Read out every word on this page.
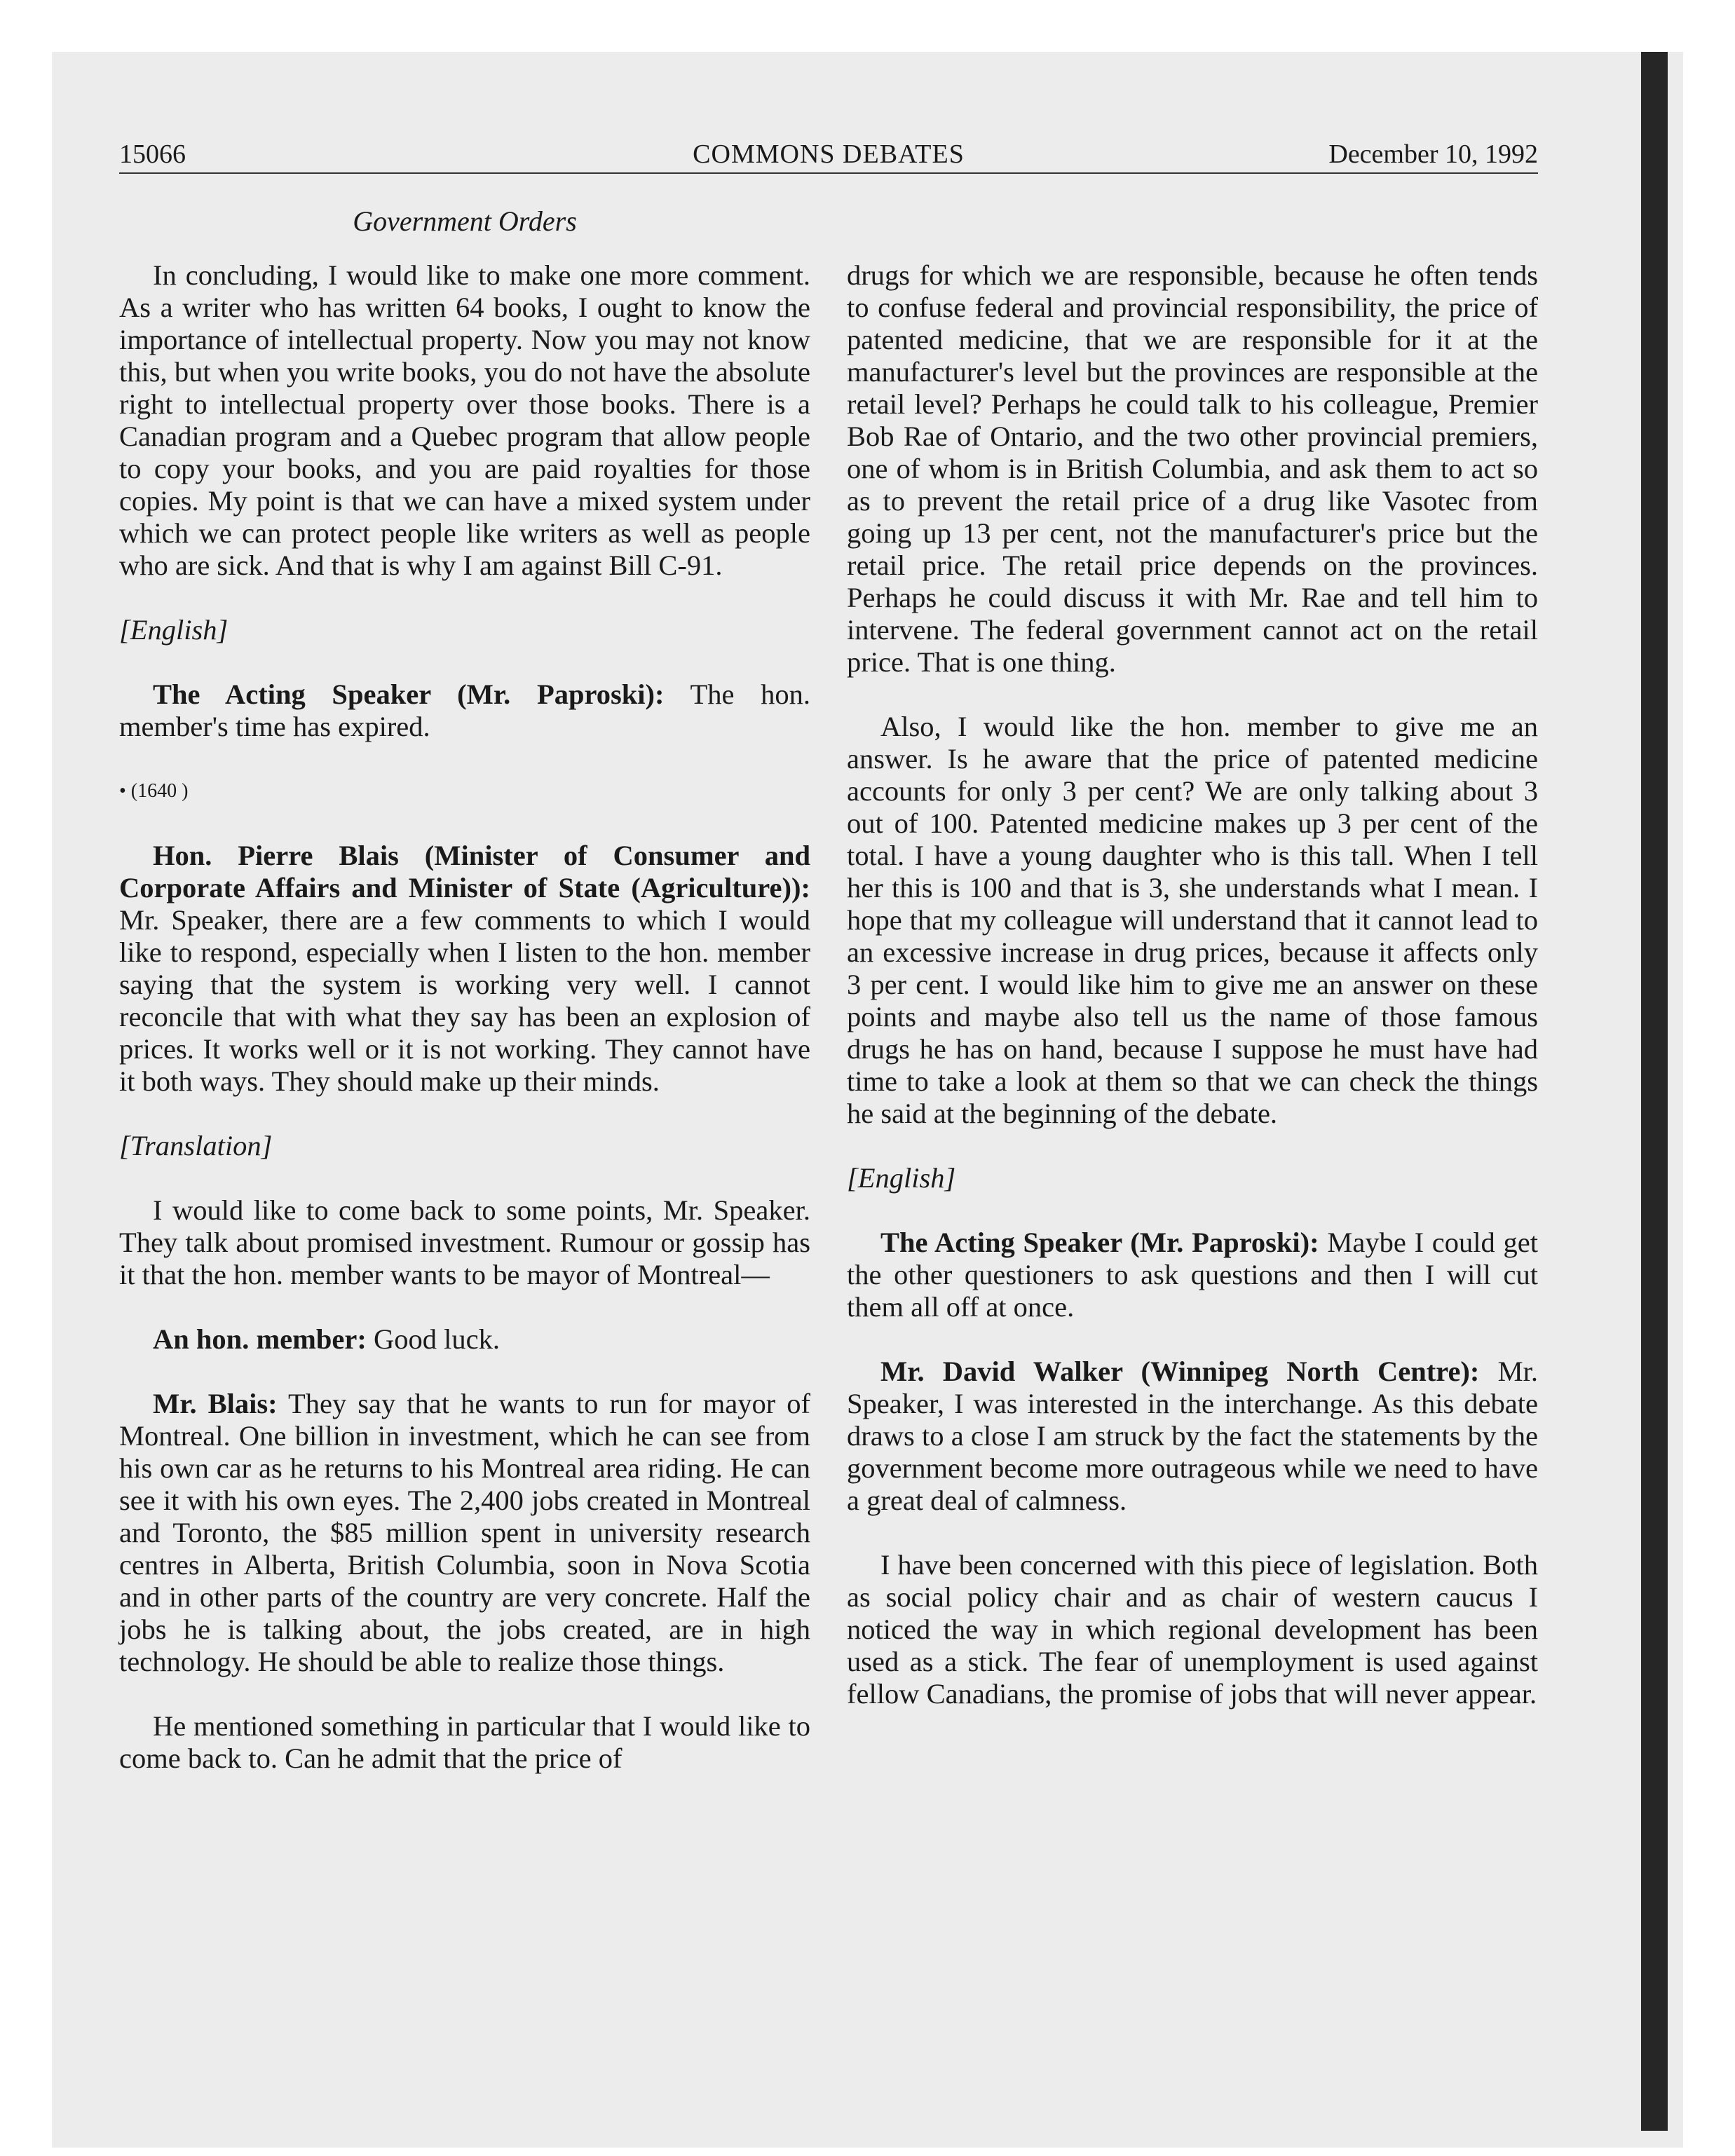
15066	COMMONS DEBATES	December 10, 1992
Government Orders

In concluding, I would like to make one more comment. As a writer who has written 64 books, I ought to know the importance of intellectual property. Now you may not know this, but when you write books, you do not have the absolute right to intellectual property over those books. There is a Canadian program and a Quebec program that allow people to copy your books, and you are paid royalties for those copies. My point is that we can have a mixed system under which we can protect people like writers as well as people who are sick. And that is why I am against Bill C-91.

[English]

The Acting Speaker (Mr. Paproski): The hon. member's time has expired.

• (1640 )

Hon. Pierre Blais (Minister of Consumer and Corporate Affairs and Minister of State (Agriculture)): Mr. Speaker, there are a few comments to which I would like to respond, especially when I listen to the hon. member saying that the system is working very well. I cannot reconcile that with what they say has been an explosion of prices. It works well or it is not working. They cannot have it both ways. They should make up their minds.

[Translation]

I would like to come back to some points, Mr. Speaker. They talk about promised investment. Rumour or gossip has it that the hon. member wants to be mayor of Montreal—

An hon. member: Good luck.

Mr. Blais: They say that he wants to run for mayor of Montreal. One billion in investment, which he can see from his own car as he returns to his Montreal area riding. He can see it with his own eyes. The 2,400 jobs created in Montreal and Toronto, the $85 million spent in university research centres in Alberta, British Columbia, soon in Nova Scotia and in other parts of the country are very concrete. Half the jobs he is talking about, the jobs created, are in high technology. He should be able to realize those things.

He mentioned something in particular that I would like to come back to. Can he admit that the price of

drugs for which we are responsible, because he often tends to confuse federal and provincial responsibility, the price of patented medicine, that we are responsible for it at the manufacturer's level but the provinces are responsible at the retail level? Perhaps he could talk to his colleague, Premier Bob Rae of Ontario, and the two other provincial premiers, one of whom is in British Columbia, and ask them to act so as to prevent the retail price of a drug like Vasotec from going up 13 per cent, not the manufacturer's price but the retail price. The retail price depends on the provinces. Perhaps he could discuss it with Mr. Rae and tell him to intervene. The federal government cannot act on the retail price. That is one thing.

Also, I would like the hon. member to give me an answer. Is he aware that the price of patented medicine accounts for only 3 per cent? We are only talking about 3 out of 100. Patented medicine makes up 3 per cent of the total. I have a young daughter who is this tall. When I tell her this is 100 and that is 3, she understands what I mean. I hope that my colleague will understand that it cannot lead to an excessive increase in drug prices, because it affects only 3 per cent. I would like him to give me an answer on these points and maybe also tell us the name of those famous drugs he has on hand, because I suppose he must have had time to take a look at them so that we can check the things he said at the beginning of the debate.

[English]

The Acting Speaker (Mr. Paproski): Maybe I could get the other questioners to ask questions and then I will cut them all off at once.

Mr. David Walker (Winnipeg North Centre): Mr. Speaker, I was interested in the interchange. As this debate draws to a close I am struck by the fact the statements by the government become more outrageous while we need to have a great deal of calmness.

I have been concerned with this piece of legislation. Both as social policy chair and as chair of western caucus I noticed the way in which regional development has been used as a stick. The fear of unemployment is used against fellow Canadians, the promise of jobs that will never appear.
